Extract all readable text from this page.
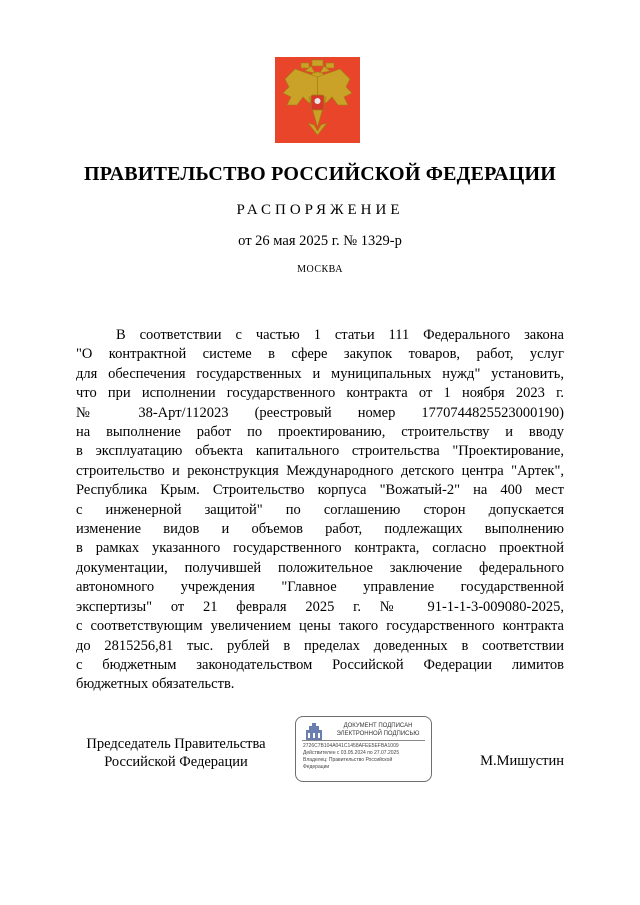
ПРАВИТЕЛЬСТВО РОССИЙСКОЙ ФЕДЕРАЦИИ
РАСПОРЯЖЕНИЕ
от 26 мая 2025 г. № 1329-р
МОСКВА
В соответствии с частью 1 статьи 111 Федерального закона
"О контрактной системе в сфере закупок товаров, работ, услуг
для обеспечения государственных и муниципальных нужд" установить,
что при исполнении государственного контракта от 1 ноября 2023 г.
№ 38-Арт/112023 (реестровый номер 1770744825523000190)
на выполнение работ по проектированию, строительству и вводу
в эксплуатацию объекта капитального строительства "Проектирование,
строительство и реконструкция Международного детского центра "Артек",
Республика Крым. Строительство корпуса "Вожатый-2" на 400 мест
с инженерной защитой" по соглашению сторон допускается
изменение видов и объемов работ, подлежащих выполнению
в рамках указанного государственного контракта, согласно проектной
документации, получившей положительное заключение федерального
автономного учреждения "Главное управление государственной
экспертизы" от 21 февраля 2025 г. № 91-1-1-3-009080-2025,
с соответствующим увеличением цены такого государственного контракта
до 2815256,81 тыс. рублей в пределах доведенных в соответствии
с бюджетным законодательством Российской Федерации лимитов
бюджетных обязательств.
Председатель Правительства
Российской Федерации
ДОКУМЕНТ ПОДПИСАН
ЭЛЕКТРОННОЙ ПОДПИСЬЮ
2726C7B104A041C1458AFEE5EFBA1009
Действителен с 03.05.2024 по 27.07.2025
Владелец: Правительство Российской
Федерации	М.Мишустин
